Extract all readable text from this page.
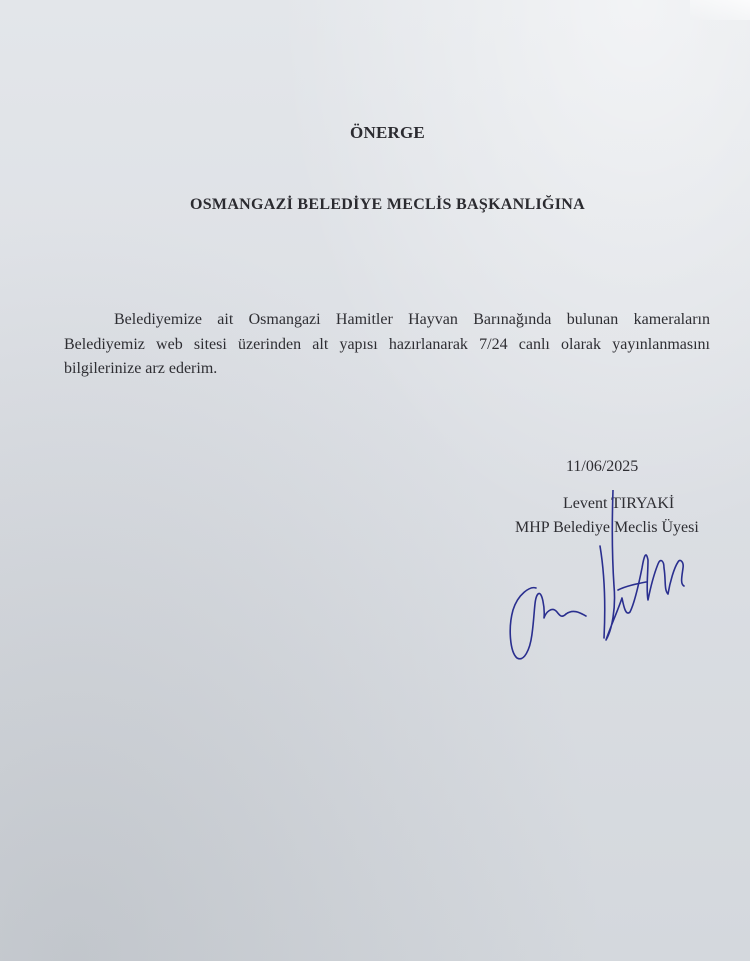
ÖNERGE
OSMANGAZİ BELEDİYE MECLİS BAŞKANLIĞINA
Belediyemize ait Osmangazi Hamitler Hayvan Barınağında bulunan kameraların
Belediyemiz web sitesi üzerinden alt yapısı hazırlanarak 7/24 canlı olarak yayınlanmasını
bilgilerinize arz ederim.
11/06/2025
Levent TIRYAKİ
MHP Belediye Meclis Üyesi
